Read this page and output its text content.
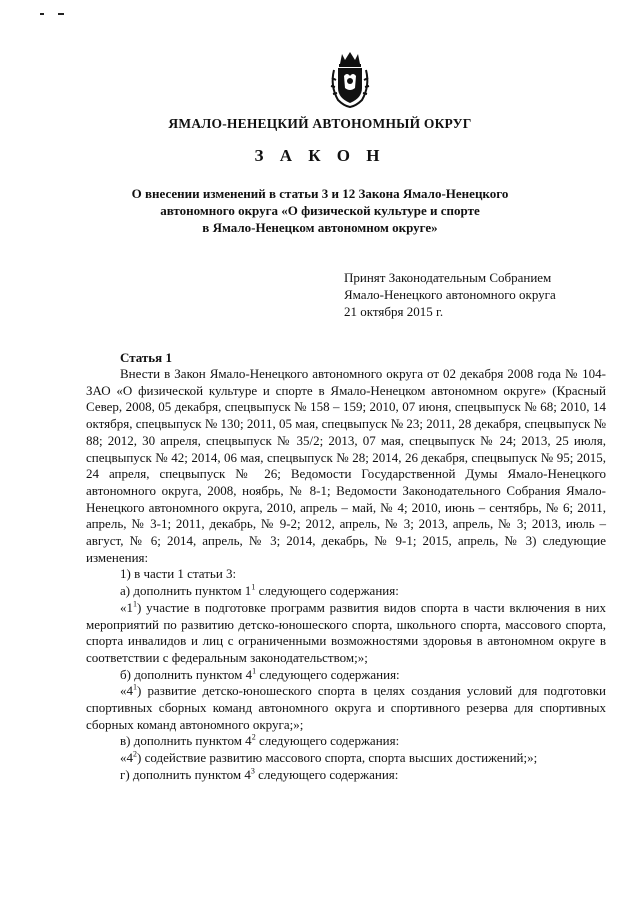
ЯМАЛО-НЕНЕЦКИЙ АВТОНОМНЫЙ ОКРУГ
З А К О Н
О внесении изменений в статьи 3 и 12 Закона Ямало-Ненецкого
автономного округа «О физической культуре и спорте
в Ямало-Ненецком автономном округе»
Принят Законодательным Собранием
Ямало-Ненецкого автономного округа
21 октября 2015 г.
Статья 1

Внести в Закон Ямало-Ненецкого автономного округа от 02 декабря 2008 года № 104-ЗАО «О физической культуре и спорте в Ямало-Ненецком автономном округе» (Красный Север, 2008, 05 декабря, спецвыпуск № 158 – 159; 2010, 07 июня, спецвыпуск № 68; 2010, 14 октября, спецвыпуск № 130; 2011, 05 мая, спецвыпуск № 23; 2011, 28 декабря, спецвыпуск № 88; 2012, 30 апреля, спецвыпуск № 35/2; 2013, 07 мая, спецвыпуск № 24; 2013, 25 июля, спецвыпуск № 42; 2014, 06 мая, спецвыпуск № 28; 2014, 26 декабря, спецвыпуск № 95; 2015, 24 апреля, спецвыпуск № 26; Ведомости Государственной Думы Ямало-Ненецкого автономного округа, 2008, ноябрь, № 8-1; Ведомости Законодательного Собрания Ямало-Ненецкого автономного округа, 2010, апрель – май, № 4; 2010, июнь – сентябрь, № 6; 2011, апрель, № 3-1; 2011, декабрь, № 9-2; 2012, апрель, № 3; 2013, апрель, № 3; 2013, июль – август, № 6; 2014, апрель, № 3; 2014, декабрь, № 9-1; 2015, апрель, № 3) следующие изменения:

1) в части 1 статьи 3:

а) дополнить пунктом $1^1$ следующего содержания:

«$1^1$) участие в подготовке программ развития видов спорта в части включения в них мероприятий по развитию детско-юношеского спорта, школьного спорта, массового спорта, спорта инвалидов и лиц с ограниченными возможностями здоровья в автономном округе в соответствии с федеральным законодательством;»;

б) дополнить пунктом $4^1$ следующего содержания:

«$4^1$) развитие детско-юношеского спорта в целях создания условий для подготовки спортивных сборных команд автономного округа и спортивного резерва для спортивных сборных команд автономного округа;»;

в) дополнить пунктом $4^2$ следующего содержания:

«$4^2$) содействие развитию массового спорта, спорта высших достижений;»;

г) дополнить пунктом $4^3$ следующего содержания:
